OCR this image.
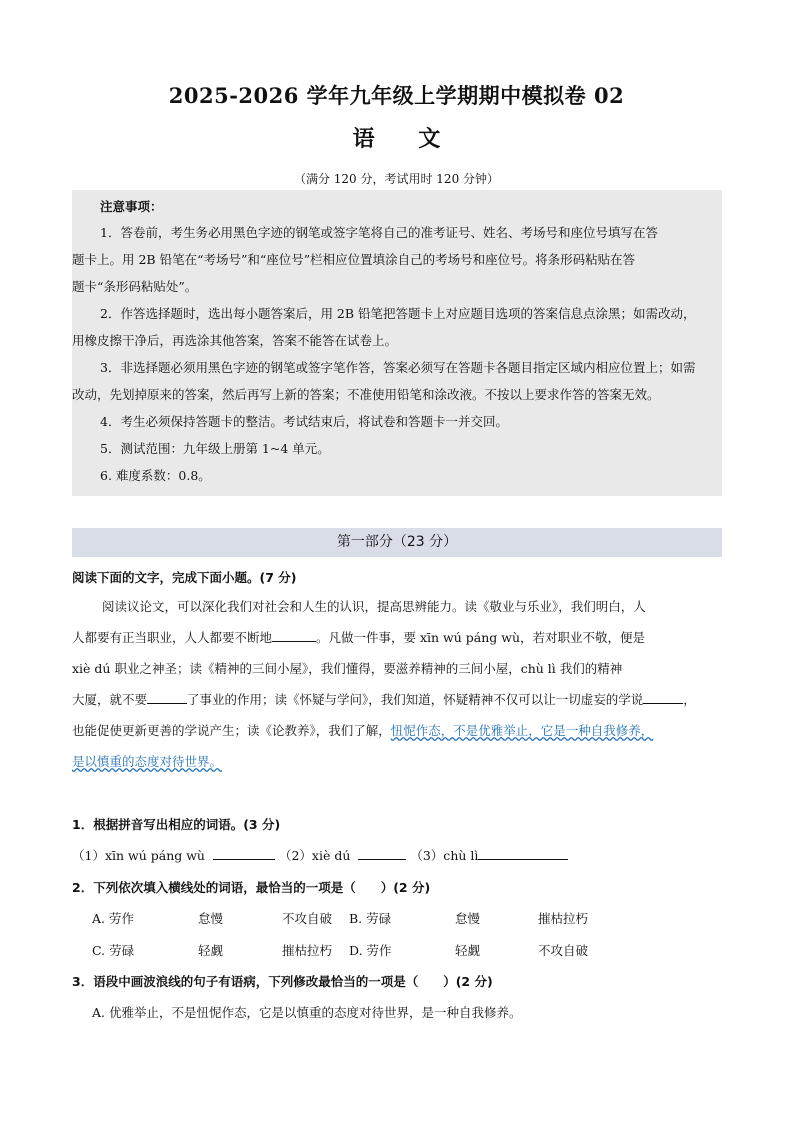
2025-2026 学年九年级上学期期中模拟卷 02
语 文
（满分 120 分，考试用时 120 分钟）
注意事项：
1．答卷前，考生务必用黑色字迹的钢笔或签字笔将自己的准考证号、姓名、考场号和座位号填写在答
题卡上。用 2B 铅笔在“考场号”和“座位号”栏相应位置填涂自己的考场号和座位号。将条形码粘贴在答
题卡“条形码粘贴处”。
2．作答选择题时，选出每小题答案后，用 2B 铅笔把答题卡上对应题目选项的答案信息点涂黑；如需改动，
用橡皮擦干净后，再选涂其他答案，答案不能答在试卷上。
3．非选择题必须用黑色字迹的钢笔或签字笔作答，答案必须写在答题卡各题目指定区域内相应位置上；如需
改动，先划掉原来的答案，然后再写上新的答案；不准使用铅笔和涂改液。不按以上要求作答的答案无效。
4．考生必须保持答题卡的整洁。考试结束后，将试卷和答题卡一并交回。
5．测试范围：九年级上册第 1~4 单元。
6. 难度系数：0.8。
第一部分（23 分）
阅读下面的文字，完成下面小题。(7 分)
阅读议论文，可以深化我们对社会和人生的认识，提高思辨能力。读《敬业与乐业》，我们明白，人
人都要有正当职业，人人都要不断地	。凡做一件事，要 xīn wú páng wù，若对职业不敬，便是
xiè dú 职业之神圣；读《精神的三间小屋》，我们懂得，要滋养精神的三间小屋，chù lì 我们的精神
大厦，就不要	了事业的作用；读《怀疑与学问》，我们知道，怀疑精神不仅可以让一切虚妄的学说	，
也能促使更新更善的学说产生；读《论教养》，我们了解，忸怩作态，不是优雅举止，它是一种自我修养，
是以慎重的态度对待世界。
1．根据拼音写出相应的词语。(3 分)
（1）xīn wú páng wù	（2）xiè dú	（3）chù lì
2．下列依次填入横线处的词语，最恰当的一项是（　　）(2 分)
A. 劳作	怠慢	不攻自破 B. 劳碌	怠慢	摧枯拉朽
C. 劳碌	轻觑	摧枯拉朽 D. 劳作	轻觑	不攻自破
3．语段中画波浪线的句子有语病，下列修改最恰当的一项是（　　）(2 分)
A. 优雅举止，不是忸怩作态，它是以慎重的态度对待世界，是一种自我修养。
